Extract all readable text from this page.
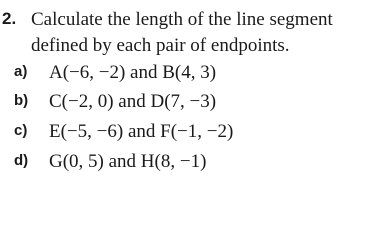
2. Calculate the length of the line segment defined by each pair of endpoints.
a) A(−6, −2) and B(4, 3)
b) C(−2, 0) and D(7, −3)
c) E(−5, −6) and F(−1, −2)
d) G(0, 5) and H(8, −1)
